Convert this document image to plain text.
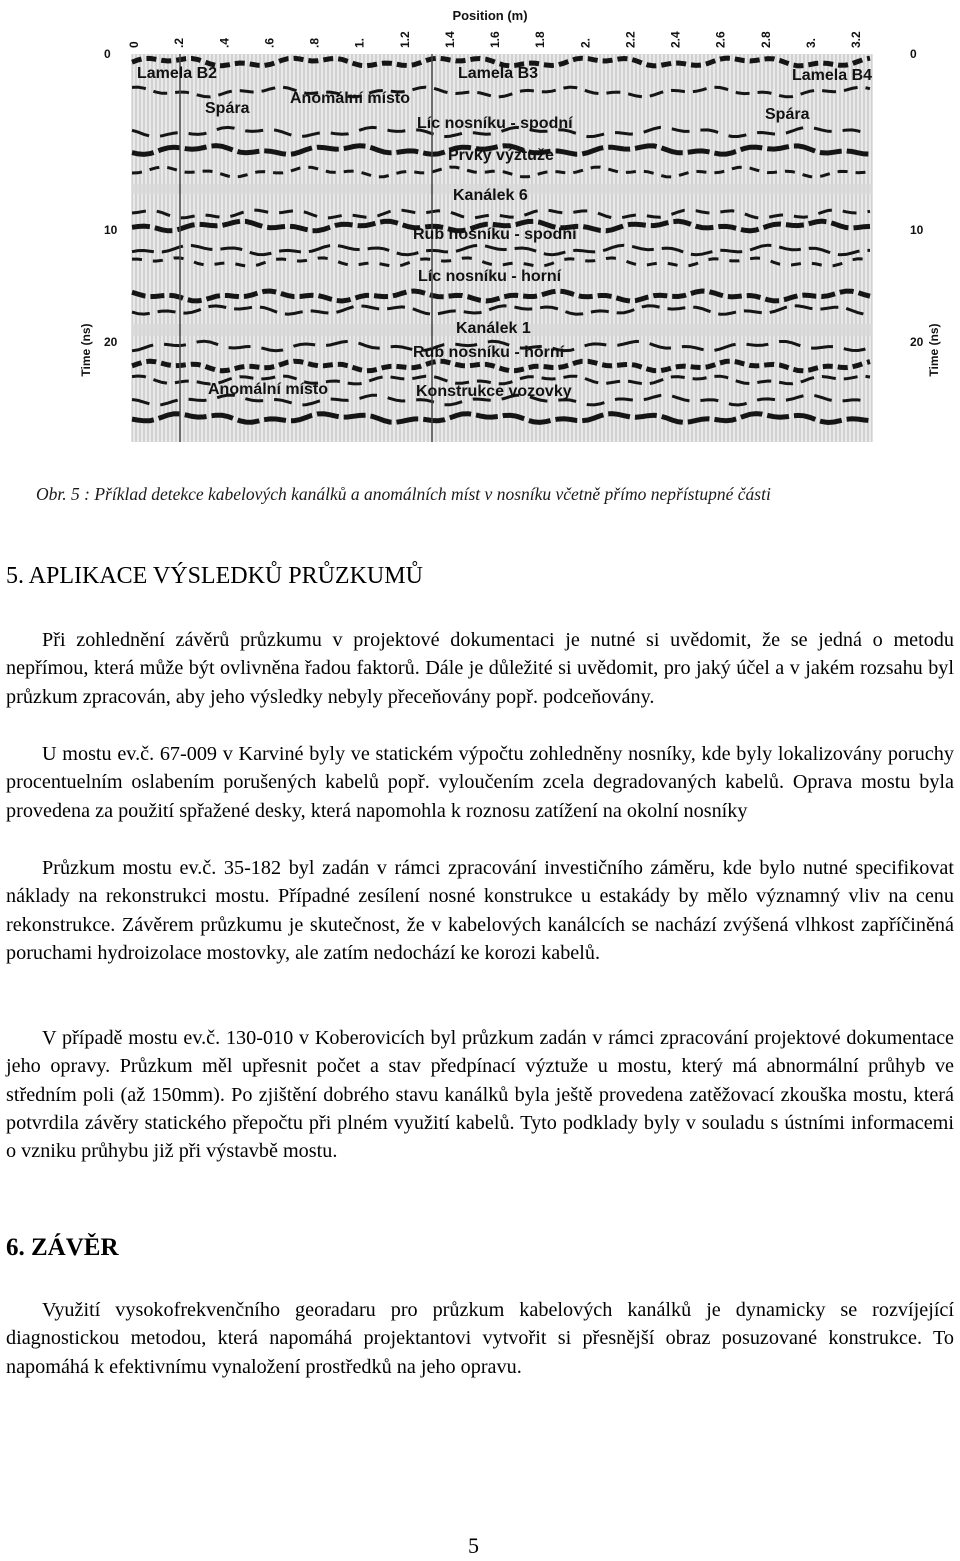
Position (m)
0	.2	.4	.6	.8	1.	1.2	1.4	1.6	1.8	2.	2.2	2.4	2.6	2.8	3.	3.2
0
10
20
0
10
20
Time (ns)	Time (ns)
Lamela B2	Lamela B3	Lamela B4
Spára
Anomální místo
Spára
Líc nosníku - spodní
Prvky výztuže
Kanálek 6
Rub nosníku - spodní
Líc nosníku - horní
Kanálek 1
Rub nosníku - horní
Anomální místo	Konstrukce vozovky
Obr. 5 : Příklad detekce kabelových kanálků a anomálních míst v nosníku včetně přímo nepřístupné části
5. APLIKACE VÝSLEDKŮ PRŮZKUMŮ

Při zohlednění závěrů průzkumu v projektové dokumentaci je nutné si uvědomit, že se jedná o metodu nepřímou, která může být ovlivněna řadou faktorů. Dále je důležité si uvědomit, pro jaký účel a v jakém rozsahu byl průzkum zpracován, aby jeho výsledky nebyly přeceňovány popř. podceňovány.

U mostu ev.č. 67-009 v Karviné byly ve statickém výpočtu zohledněny nosníky, kde byly lokalizovány poruchy procentuelním oslabením porušených kabelů popř. vyloučením zcela degradovaných kabelů. Oprava mostu byla provedena za použití spřažené desky, která napomohla k roznosu zatížení na okolní nosníky

Průzkum mostu ev.č. 35-182 byl zadán v rámci zpracování investičního záměru, kde bylo nutné specifikovat náklady na rekonstrukci mostu. Případné zesílení nosné konstrukce u estakády by mělo významný vliv na cenu rekonstrukce. Závěrem průzkumu je skutečnost, že v kabelových kanálcích se nachází zvýšená vlhkost zapříčiněná poruchami hydroizolace mostovky, ale zatím nedochází ke korozi kabelů.

V případě mostu ev.č. 130-010 v Koberovicích byl průzkum zadán v rámci zpracování projektové dokumentace jeho opravy. Průzkum měl upřesnit počet a stav předpínací výztuže u mostu, který má abnormální průhyb ve středním poli (až 150mm). Po zjištění dobrého stavu kanálků byla ještě provedena zatěžovací zkouška mostu, která potvrdila závěry statického přepočtu při plném využití kabelů. Tyto podklady byly v souladu s ústními informacemi o vzniku průhybu již při výstavbě mostu.

6. ZÁVĚR

Využití vysokofrekvenčního georadaru pro průzkum kabelových kanálků je dynamicky se rozvíjející diagnostickou metodou, která napomáhá projektantovi vytvořit si přesnější obraz posuzované konstrukce. To napomáhá k efektivnímu vynaložení prostředků na jeho opravu.

5
